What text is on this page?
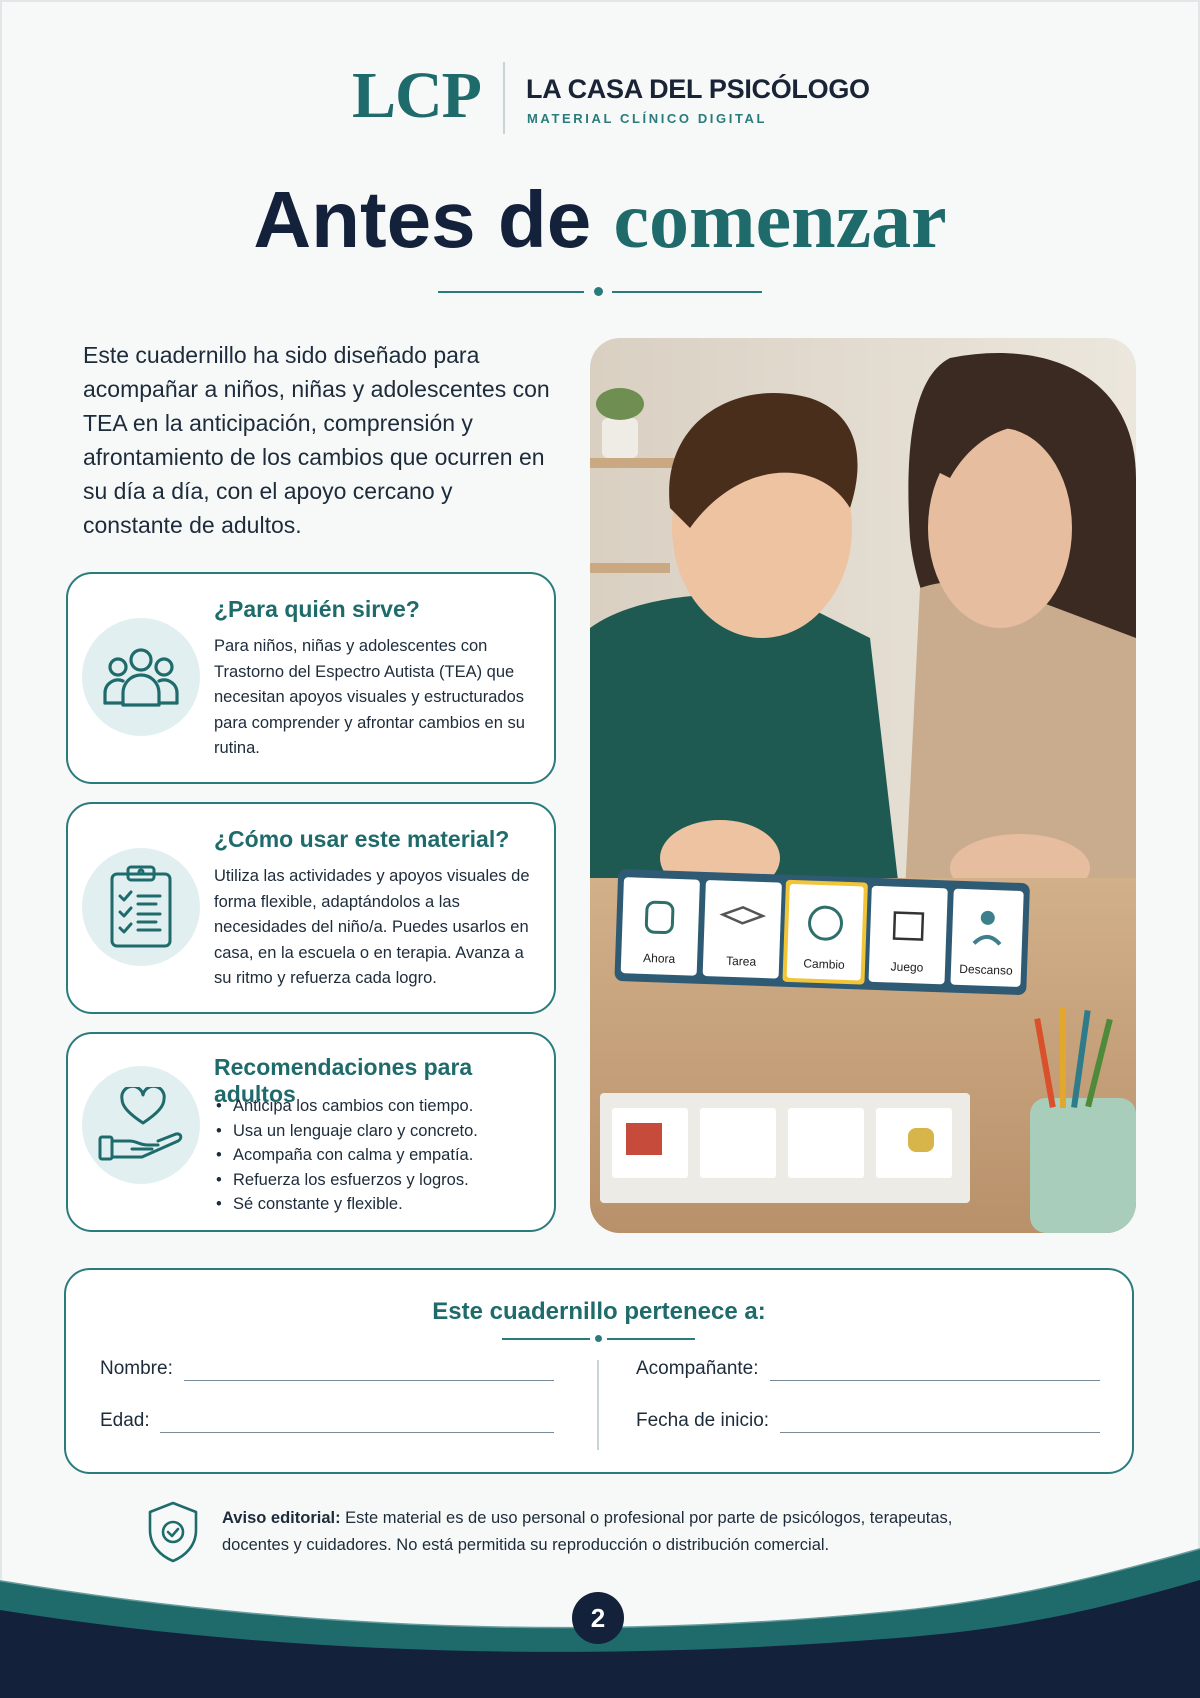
LCP LA CASA DEL PSICÓLOGO
MATERIAL CLÍNICO DIGITAL
Antes de comenzar

Este cuadernillo ha sido diseñado para acompañar a niños, niñas y adolescentes con TEA en la anticipación, comprensión y afrontamiento de los cambios que ocurren en su día a día, con el apoyo cercano y constante de adultos.

¿Para quién sirve?
Para niños, niñas y adolescentes con Trastorno del Espectro Autista (TEA) que necesitan apoyos visuales y estructurados para comprender y afrontar cambios en su rutina.
¿Cómo usar este material?
Utiliza las actividades y apoyos visuales de forma flexible, adaptándolos a las necesidades del niño/a. Puedes usarlos en casa, en la escuela o en terapia. Avanza a su ritmo y refuerza cada logro.
Recomendaciones para adultos
• Anticipa los cambios con tiempo.
• Usa un lenguaje claro y concreto.
• Acompaña con calma y empatía.
• Refuerza los esfuerzos y logros.
• Sé constante y flexible.
Ahora	Tarea	Cambio	Juego	Descanso
Este cuadernillo pertenece a:
Nombre:
Edad:
Acompañante:
Fecha de inicio:
Aviso editorial: Este material es de uso personal o profesional por parte de psicólogos, terapeutas, docentes y cuidadores. No está permitida su reproducción o distribución comercial.
2
